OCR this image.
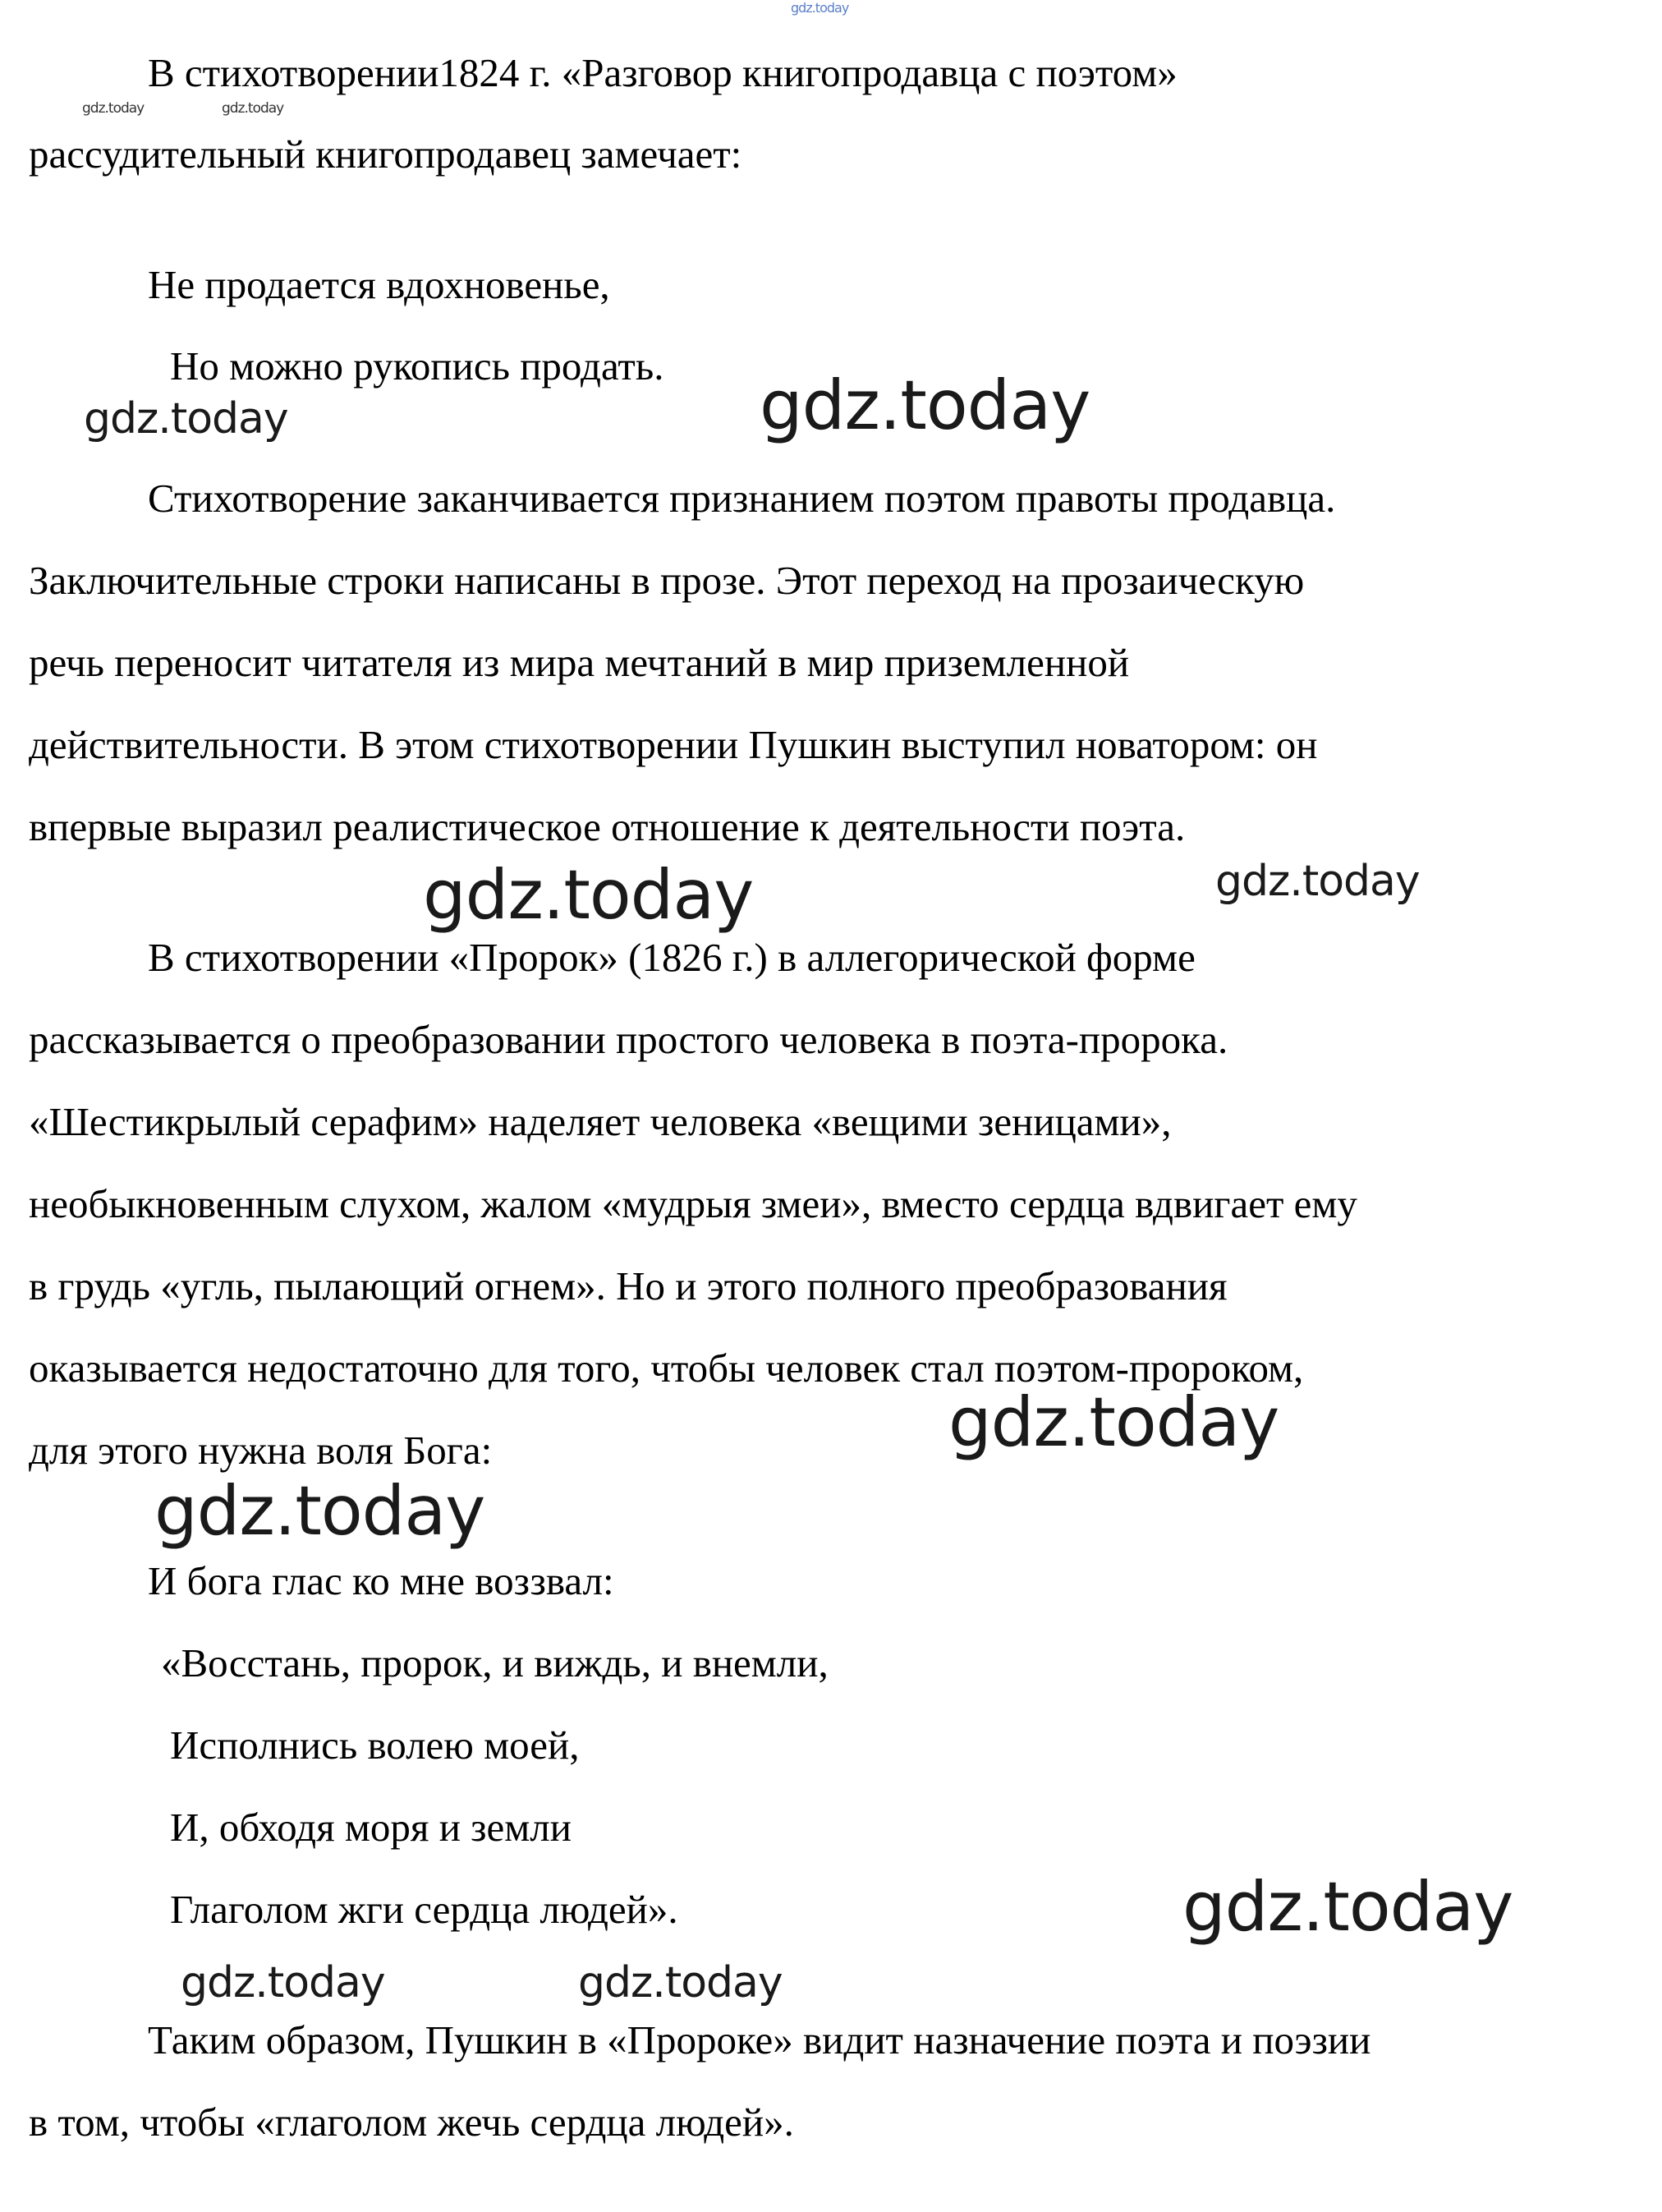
В стихотворении1824 г. «Разговор книгопродавца с поэтом»
рассудительный книгопродавец замечает:
Не продается вдохновенье,
Но можно рукопись продать.
Стихотворение заканчивается признанием поэтом правоты продавца.
Заключительные строки написаны в прозе. Этот переход на прозаическую
речь переносит читателя из мира мечтаний в мир приземленной
действительности. В этом стихотворении Пушкин выступил новатором: он
впервые выразил реалистическое отношение к деятельности поэта.
В стихотворении «Пророк» (1826 г.) в аллегорической форме
рассказывается о преобразовании простого человека в поэта-пророка.
«Шестикрылый серафим» наделяет человека «вещими зеницами»,
необыкновенным слухом, жалом «мудрыя змеи», вместо сердца вдвигает ему
в грудь «угль, пылающий огнем». Но и этого полного преобразования
оказывается недостаточно для того, чтобы человек стал поэтом-пророком,
для этого нужна воля Бога:
И бога глас ко мне воззвал:
«Восстань, пророк, и виждь, и внемли,
Исполнись волею моей,
И, обходя моря и земли
Глаголом жги сердца людей».
Таким образом, Пушкин в «Пророке» видит назначение поэта и поэзии
в том, чтобы «глаголом жечь сердца людей».
gdz.today
gdz.today	gdz.today
gdz.today	gdz.today
gdz.today	gdz.today
gdz.today
gdz.today
gdz.today
gdz.today	gdz.today
